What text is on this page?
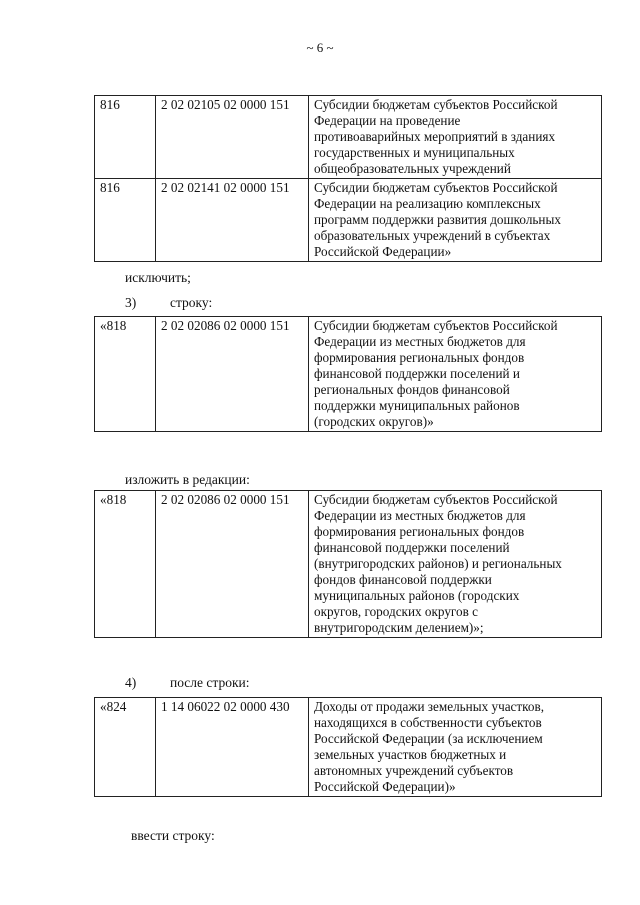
~ 6 ~
816	2 02 02105 02 0000 151	Субсидии бюджетам субъектов Российской
Федерации на проведение
противоаварийных мероприятий в зданиях
государственных и муниципальных
общеобразовательных учреждений

816	2 02 02141 02 0000 151	Субсидии бюджетам субъектов Российской
Федерации на реализацию комплексных
программ поддержки развития дошкольных
образовательных учреждений в субъектах
Российской Федерации»
исключить;
3)	строку:
«818	2 02 02086 02 0000 151	Субсидии бюджетам субъектов Российской
Федерации из местных бюджетов для
формирования региональных фондов
финансовой поддержки поселений и
региональных фондов финансовой
поддержки муниципальных районов
(городских округов)»
изложить в редакции:
«818	2 02 02086 02 0000 151	Субсидии бюджетам субъектов Российской
Федерации из местных бюджетов для
формирования региональных фондов
финансовой поддержки поселений
(внутригородских районов) и региональных
фондов финансовой поддержки
муниципальных районов (городских
округов, городских округов с
внутригородским делением)»;
4)	после строки:
«824	1 14 06022 02 0000 430	Доходы от продажи земельных участков,
находящихся в собственности субъектов
Российской Федерации (за исключением
земельных участков бюджетных и
автономных учреждений субъектов
Российской Федерации)»
ввести строку:
